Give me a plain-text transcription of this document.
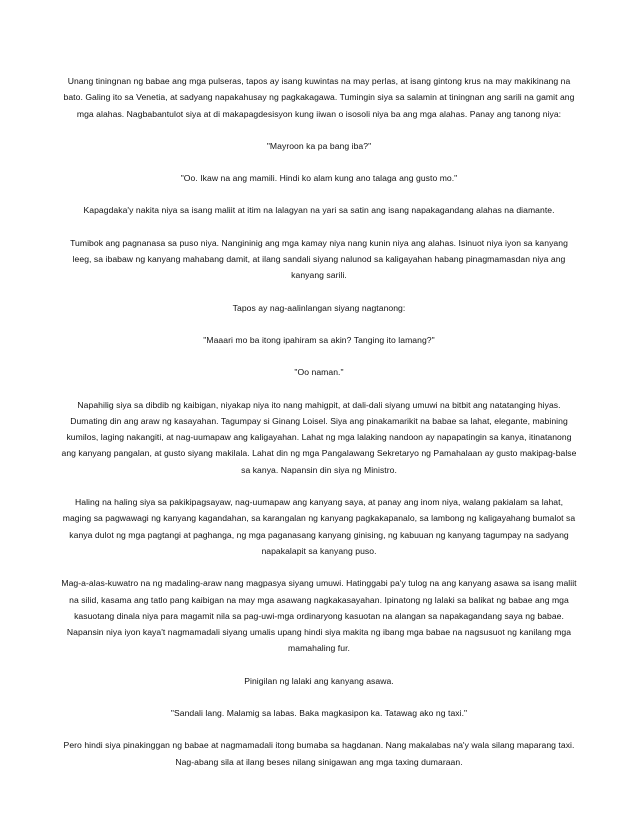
Unang tiningnan ng babae ang mga pulseras, tapos ay isang kuwintas na may perlas, at isang gintong krus na may makikinang na bato. Galing ito sa Venetia, at sadyang napakahusay ng pagkakagawa. Tumingin siya sa salamin at tiningnan ang sarili na gamit ang mga alahas. Nagbabantulot siya at di makapagdesisyon kung iiwan o isosoli niya ba ang mga alahas. Panay ang tanong niya:

"Mayroon ka pa bang iba?"

"Oo. Ikaw na ang mamili. Hindi ko alam kung ano talaga ang gusto mo."

Kapagdaka'y nakita niya sa isang maliit at itim na lalagyan na yari sa satin ang isang napakagandang alahas na diamante.

Tumibok ang pagnanasa sa puso niya. Nangininig ang mga kamay niya nang kunin niya ang alahas. Isinuot niya iyon sa kanyang leeg, sa ibabaw ng kanyang mahabang damit, at ilang sandali siyang nalunod sa kaligayahan habang pinagmamasdan niya ang kanyang sarili.

Tapos ay nag-aalinlangan siyang nagtanong:

"Maaari mo ba itong ipahiram sa akin? Tanging ito lamang?"

"Oo naman."

Napahilig siya sa dibdib ng kaibigan, niyakap niya ito nang mahigpit, at dali-dali siyang umuwi na bitbit ang natatanging hiyas. Dumating din ang araw ng kasayahan. Tagumpay si Ginang Loisel. Siya ang pinakamarikit na babae sa lahat, elegante, mabining kumilos, laging nakangiti, at nag-uumapaw ang kaligayahan. Lahat ng mga lalaking nandoon ay napapatingin sa kanya, itinatanong ang kanyang pangalan, at gusto siyang makilala. Lahat din ng mga Pangalawang Sekretaryo ng Pamahalaan ay gusto makipag-balse sa kanya. Napansin din siya ng Ministro.

Haling na haling siya sa pakikipagsayaw, nag-uumapaw ang kanyang saya, at panay ang inom niya, walang pakialam sa lahat, maging sa pagwawagi ng kanyang kagandahan, sa karangalan ng kanyang pagkakapanalo, sa lambong ng kaligayahang bumalot sa kanya dulot ng mga pagtangi at paghanga, ng mga paganasang kanyang ginising, ng kabuuan ng kanyang tagumpay na sadyang napakalapit sa kanyang puso.

Mag-a-alas-kuwatro na ng madaling-araw nang magpasya siyang umuwi. Hatinggabi pa'y tulog na ang kanyang asawa sa isang maliit na silid, kasama ang tatlo pang kaibigan na may mga asawang nagkakasayahan. Ipinatong ng lalaki sa balikat ng babae ang mga kasuotang dinala niya para magamit nila sa pag-uwi-mga ordinaryong kasuotan na alangan sa napakagandang saya ng babae. Napansin niya iyon kaya't nagmamadali siyang umalis upang hindi siya makita ng ibang mga babae na nagsusuot ng kanilang mga mamahaling fur.

Pinigilan ng lalaki ang kanyang asawa.

"Sandali lang. Malamig sa labas. Baka magkasipon ka. Tatawag ako ng taxi."

Pero hindi siya pinakinggan ng babae at nagmamadali itong bumaba sa hagdanan. Nang makalabas na'y wala silang maparang taxi. Nag-abang sila at ilang beses nilang sinigawan ang mga taxing dumaraan.
